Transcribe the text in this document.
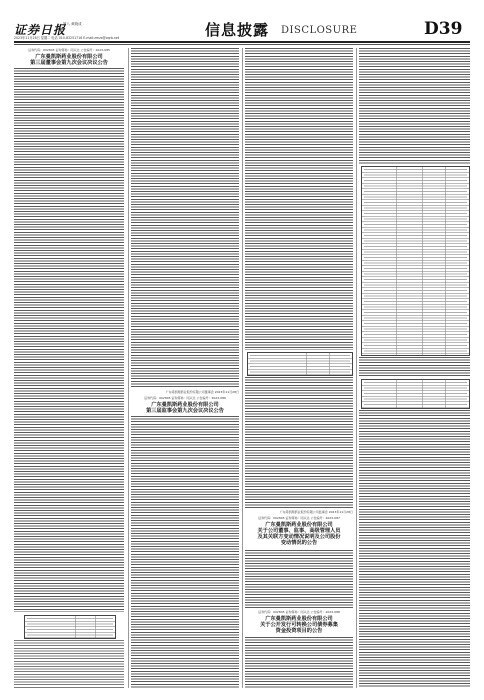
证券日报
第八 黄晓成
2023年11月28日 星期二 电话 010-83251716 E-mail:zmzx@zqrb.net	信息披露 DISCLOSURE	D39
证券代码：002845 证券简称：同兴达 公告编号：2023-085
广东曼凯斯药业股份有限公司
第三届董事会第九次会议决议公告
广东曼凯斯药业股份有限公司董事会 2023年11月28日
证券代码：002845 证券简称：同兴达 公告编号：2023-086
广东曼凯斯药业股份有限公司
第三届监事会第九次会议决议公告
广东曼凯斯药业股份有限公司监事会 2023年11月28日
证券代码：002845 证券简称：同兴达 公告编号：2023-087
广东曼凯斯药业股份有限公司
关于公司董事、监事、高级管理人员
及其关联方变动情况说明及公司股份
变动情况的公告
证券代码：002845 证券简称：同兴达 公告编号：2023-088
广东曼凯斯药业股份有限公司
关于公开发行可转换公司债券募集
资金投资项目的公告
